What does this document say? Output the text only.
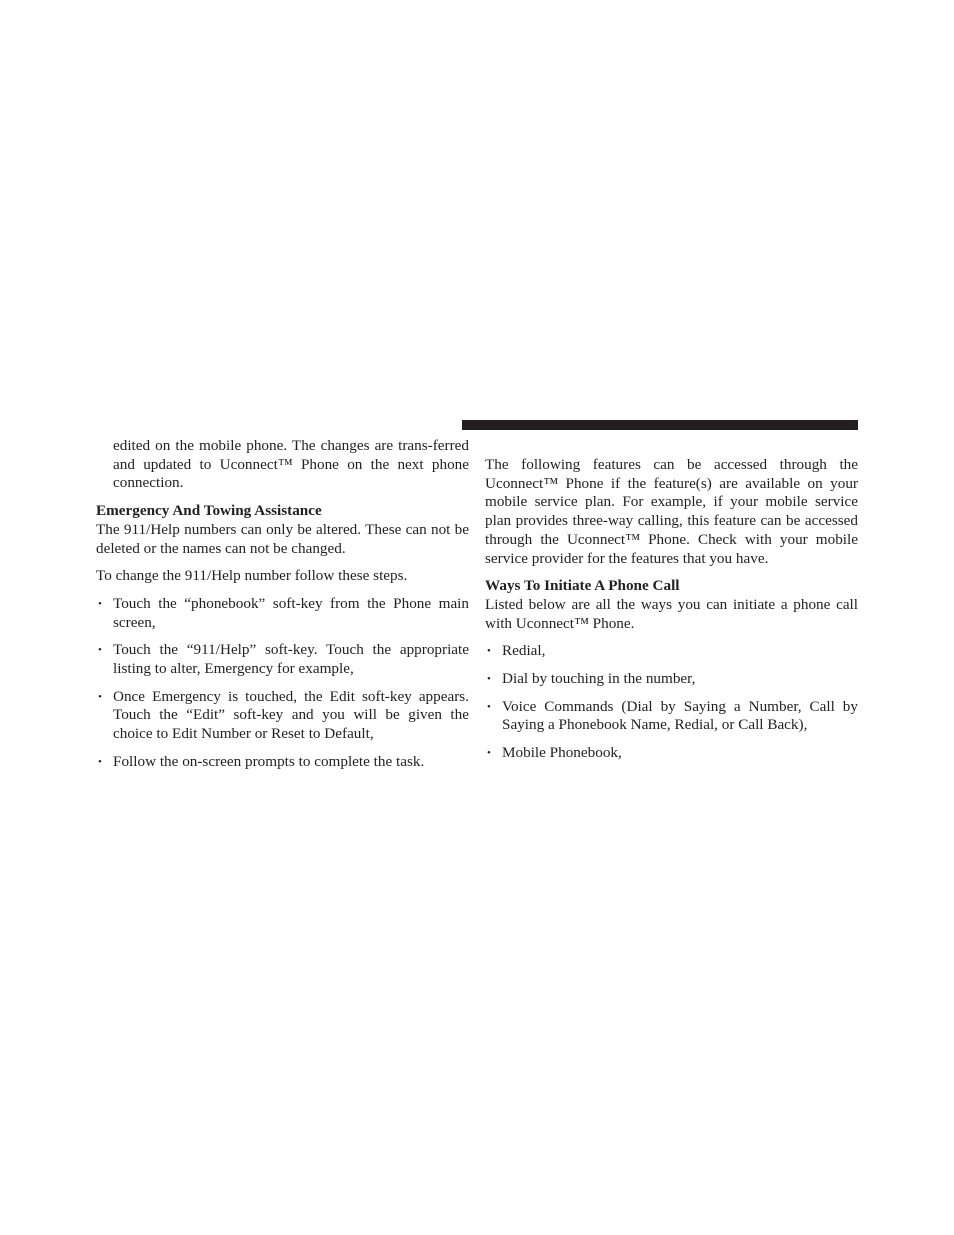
edited on the mobile phone. The changes are trans-ferred and updated to Uconnect™ Phone on the next phone connection.

Emergency And Towing Assistance

The 911/Help numbers can only be altered. These can not be deleted or the names can not be changed.

To change the 911/Help number follow these steps.

• Touch the “phonebook” soft-key from the Phone main screen,
• Touch the “911/Help” soft-key. Touch the appropriate listing to alter, Emergency for example,
• Once Emergency is touched, the Edit soft-key appears. Touch the “Edit” soft-key and you will be given the choice to Edit Number or Reset to Default,
• Follow the on-screen prompts to complete the task.

The following features can be accessed through the Uconnect™ Phone if the feature(s) are available on your mobile service plan. For example, if your mobile service plan provides three-way calling, this feature can be accessed through the Uconnect™ Phone. Check with your mobile service provider for the features that you have.

Ways To Initiate A Phone Call

Listed below are all the ways you can initiate a phone call with Uconnect™ Phone.

• Redial,
• Dial by touching in the number,
• Voice Commands (Dial by Saying a Number, Call by Saying a Phonebook Name, Redial, or Call Back),
• Mobile Phonebook,
